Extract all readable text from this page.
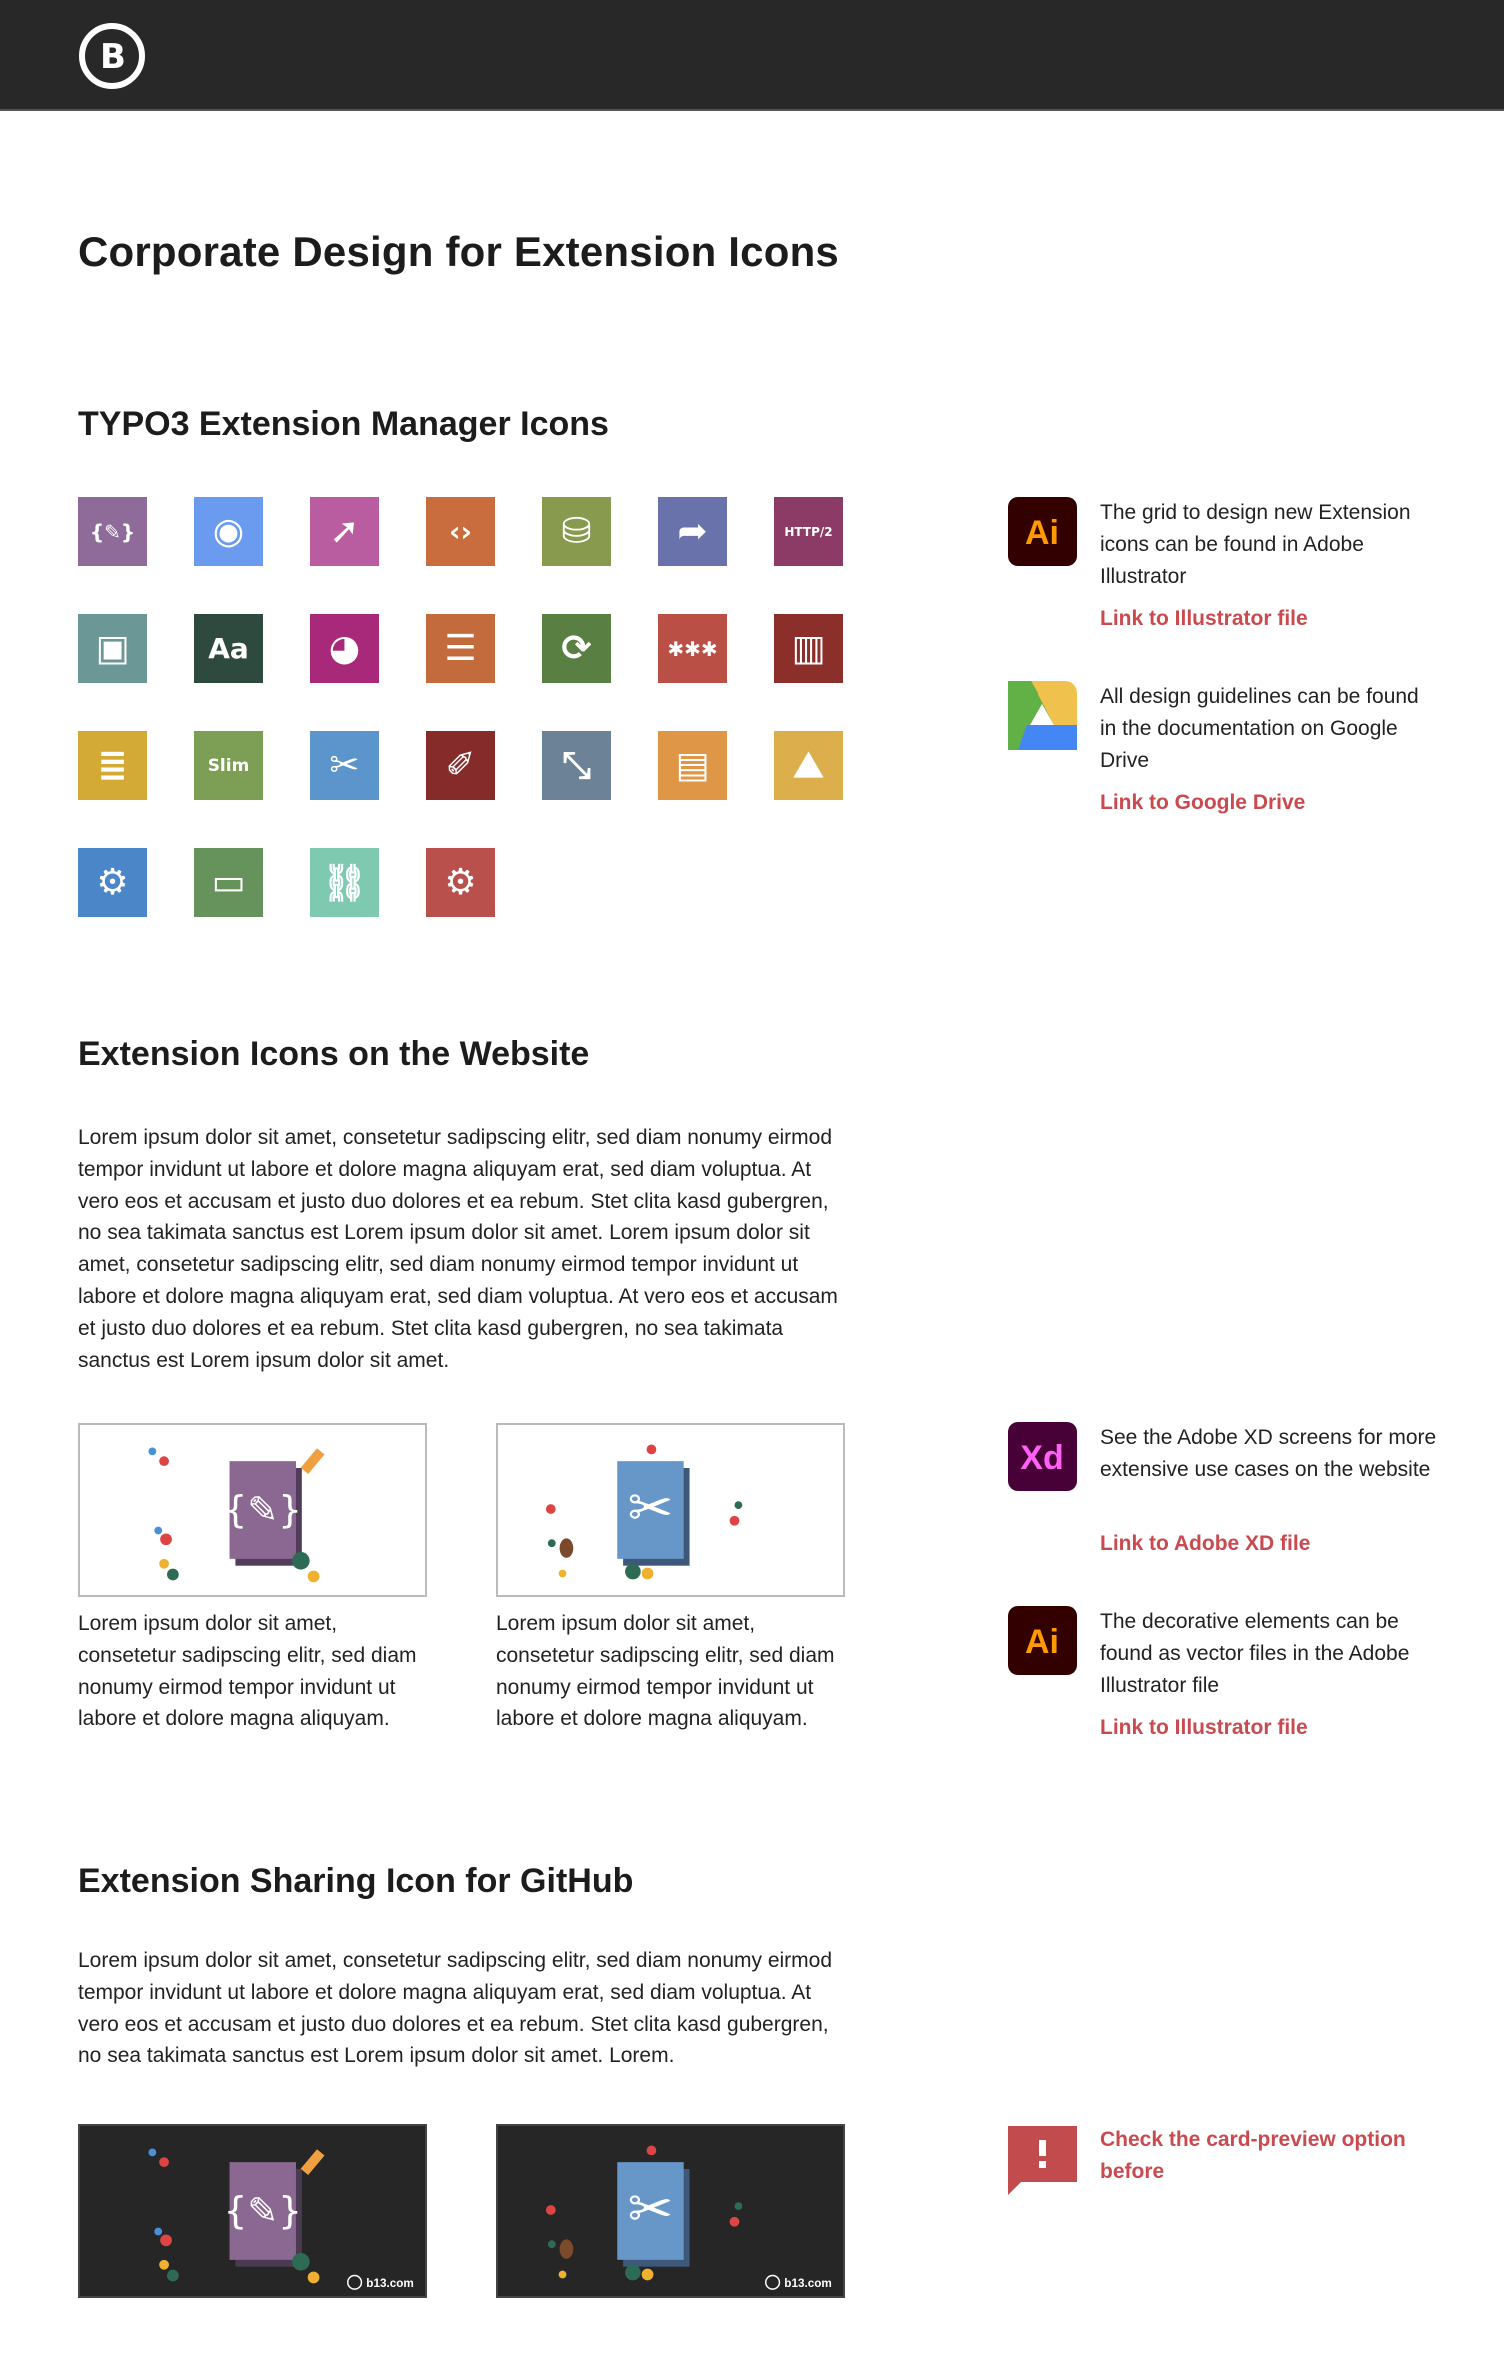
B
Corporate Design for Extension Icons
TYPO3 Extension Manager Icons
{✎} ◉ ➚	‹› ⛁ ➦	HTTP/2
▣	Aa ◕ ☰ ⟳	✱✱✱ ▥
≣	Slim ✂ ✐ ⤡ ▤ ⛰
⚙ ▭ ⛓ ⚙
Extension Icons on the Website

Lorem ipsum dolor sit amet, consetetur sadipscing elitr, sed diam nonumy eirmod tempor invidunt ut labore et dolore magna aliquyam erat, sed diam voluptua. At vero eos et accusam et justo duo dolores et ea rebum. Stet clita kasd gubergren, no sea takimata sanctus est Lorem ipsum dolor sit amet. Lorem ipsum dolor sit amet, consetetur sadipscing elitr, sed diam nonumy eirmod tempor invidunt ut labore et dolore magna aliquyam erat, sed diam voluptua. At vero eos et accusam et justo duo dolores et ea rebum. Stet clita kasd gubergren, no sea takimata sanctus est Lorem ipsum dolor sit amet.

{✎}	✂

Lorem ipsum dolor sit amet, consetetur sadipscing elitr, sed diam nonumy eirmod tempor invidunt ut labore et dolore magna aliquyam.

Lorem ipsum dolor sit amet, consetetur sadipscing elitr, sed diam nonumy eirmod tempor invidunt ut labore et dolore magna aliquyam.

Extension Sharing Icon for GitHub

Lorem ipsum dolor sit amet, consetetur sadipscing elitr, sed diam nonumy eirmod tempor invidunt ut labore et dolore magna aliquyam erat, sed diam voluptua. At vero eos et accusam et justo duo dolores et ea rebum. Stet clita kasd gubergren, no sea takimata sanctus est Lorem ipsum dolor sit amet. Lorem.

{✎}
b13.com
✂
b13.com
Ai

The grid to design new Extension icons can be found in Adobe Illustrator

Link to Illustrator file

All design guidelines can be found in the documentation on Google Drive

Link to Google Drive
Xd

See the Adobe XD screens for more extensive use cases on the website

Link to Adobe XD file
Ai

The decorative elements can be found as vector files in the Adobe Illustrator file

Link to Illustrator file

Check the card-preview option before
